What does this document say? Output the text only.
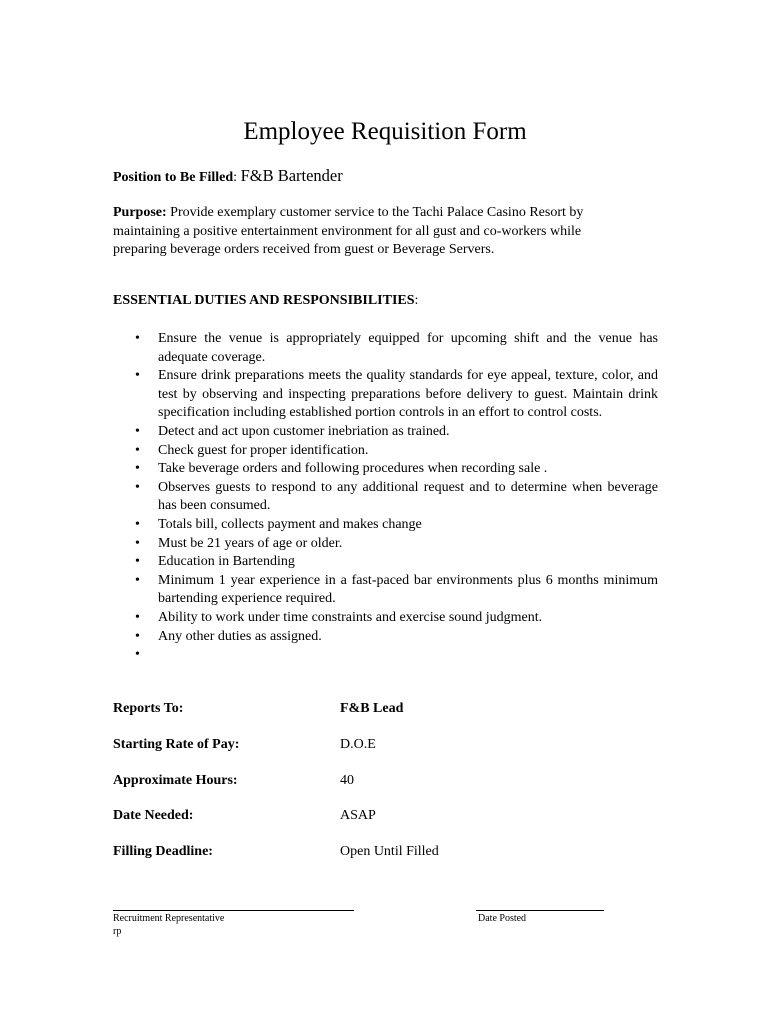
Employee Requisition Form
Position to Be Filled: F&B Bartender
Purpose: Provide exemplary customer service to the Tachi Palace Casino Resort by maintaining a positive entertainment environment for all gust and co-workers while preparing beverage orders received from guest or Beverage Servers.
ESSENTIAL DUTIES AND RESPONSIBILITIES:
• Ensure the venue is appropriately equipped for upcoming shift and the venue has adequate coverage.
• Ensure drink preparations meets the quality standards for eye appeal, texture, color, and test by observing and inspecting preparations before delivery to guest. Maintain drink specification including established portion controls in an effort to control costs.
• Detect and act upon customer inebriation as trained.
• Check guest for proper identification.
• Take beverage orders and following procedures when recording sale .
• Observes guests to respond to any additional request and to determine when beverage has been consumed.
• Totals bill, collects payment and makes change
• Must be 21 years of age or older.
• Education in Bartending
• Minimum 1 year experience in a fast-paced bar environments plus 6 months minimum bartending experience required.
• Ability to work under time constraints and exercise sound judgment.
• Any other duties as assigned.
•

Reports To:	F&B Lead
Starting Rate of Pay:	D.O.E
Approximate Hours:	40
Date Needed:	ASAP
Filling Deadline:	Open Until Filled
Recruitment Representative
rp
Date Posted
